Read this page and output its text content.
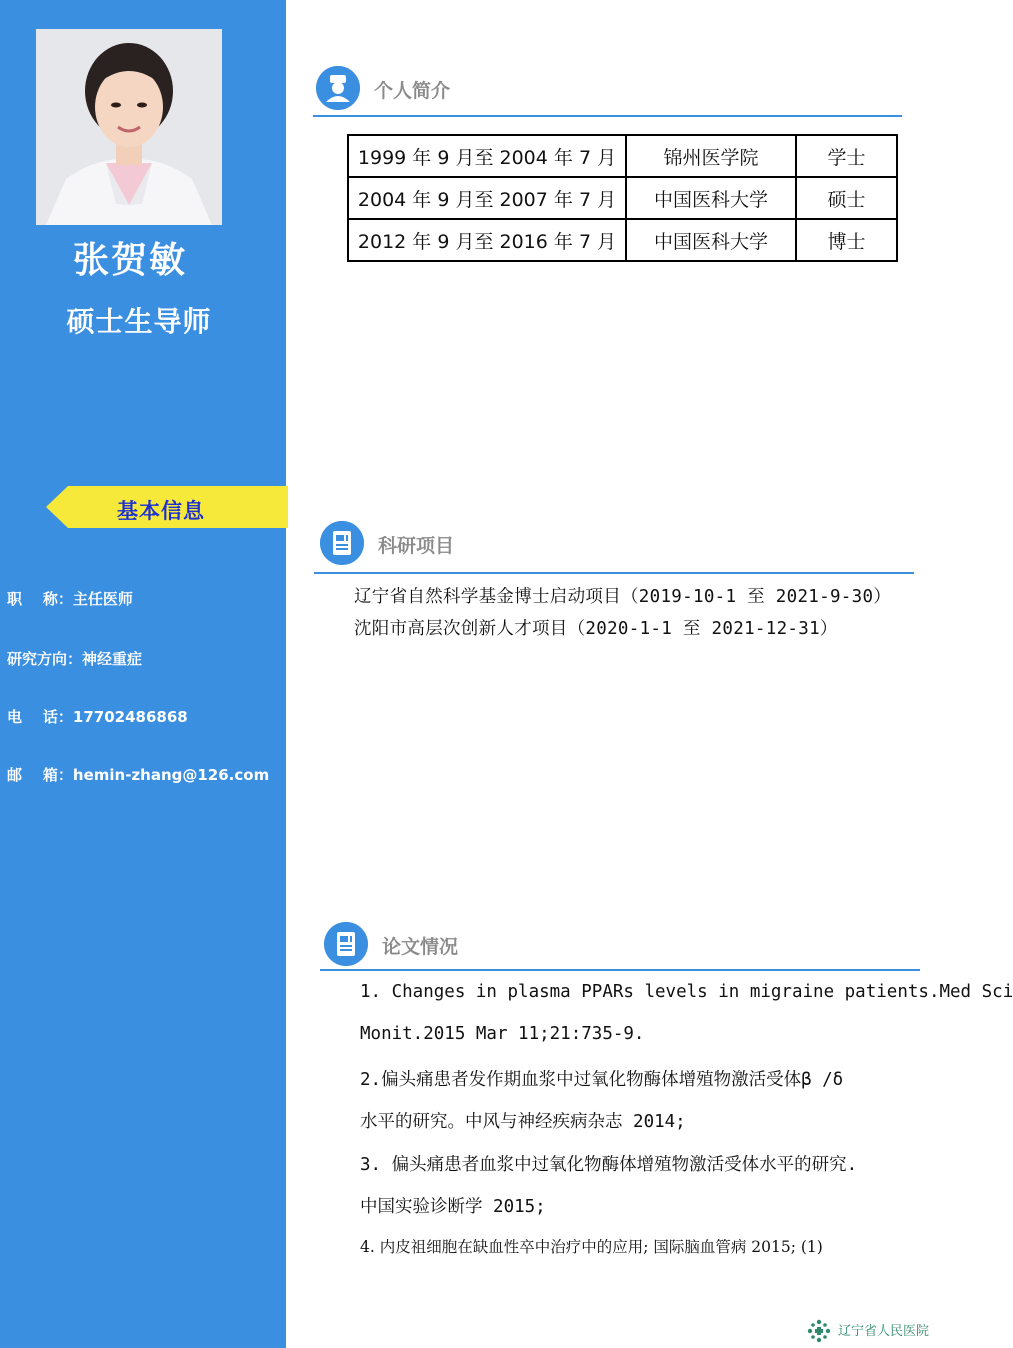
张贺敏
硕士生导师
基本信息
职    称：主任医师
研究方向：神经重症
电    话：17702486868
邮    箱：hemin-zhang@126.com
个人简介
1999 年 9 月至 2004 年 7 月	锦州医学院	学士
2004 年 9 月至 2007 年 7 月	中国医科大学	硕士
2012 年 9 月至 2016 年 7 月	中国医科大学	博士
科研项目
辽宁省自然科学基金博士启动项目（2019-10-1 至 2021-9-30）
沈阳市高层次创新人才项目（2020-1-1 至 2021-12-31）
论文情况
1. Changes in plasma PPARs levels in migraine patients.Med Sci
Monit.2015 Mar 11;21:735-9.
2.偏头痛患者发作期血浆中过氧化物酶体增殖物激活受体β /δ
水平的研究。中风与神经疾病杂志 2014;
3. 偏头痛患者血浆中过氧化物酶体增殖物激活受体水平的研究.
中国实验诊断学 2015;
4. 内皮祖细胞在缺血性卒中治疗中的应用; 国际脑血管病 2015; (1)
辽宁省人民医院
